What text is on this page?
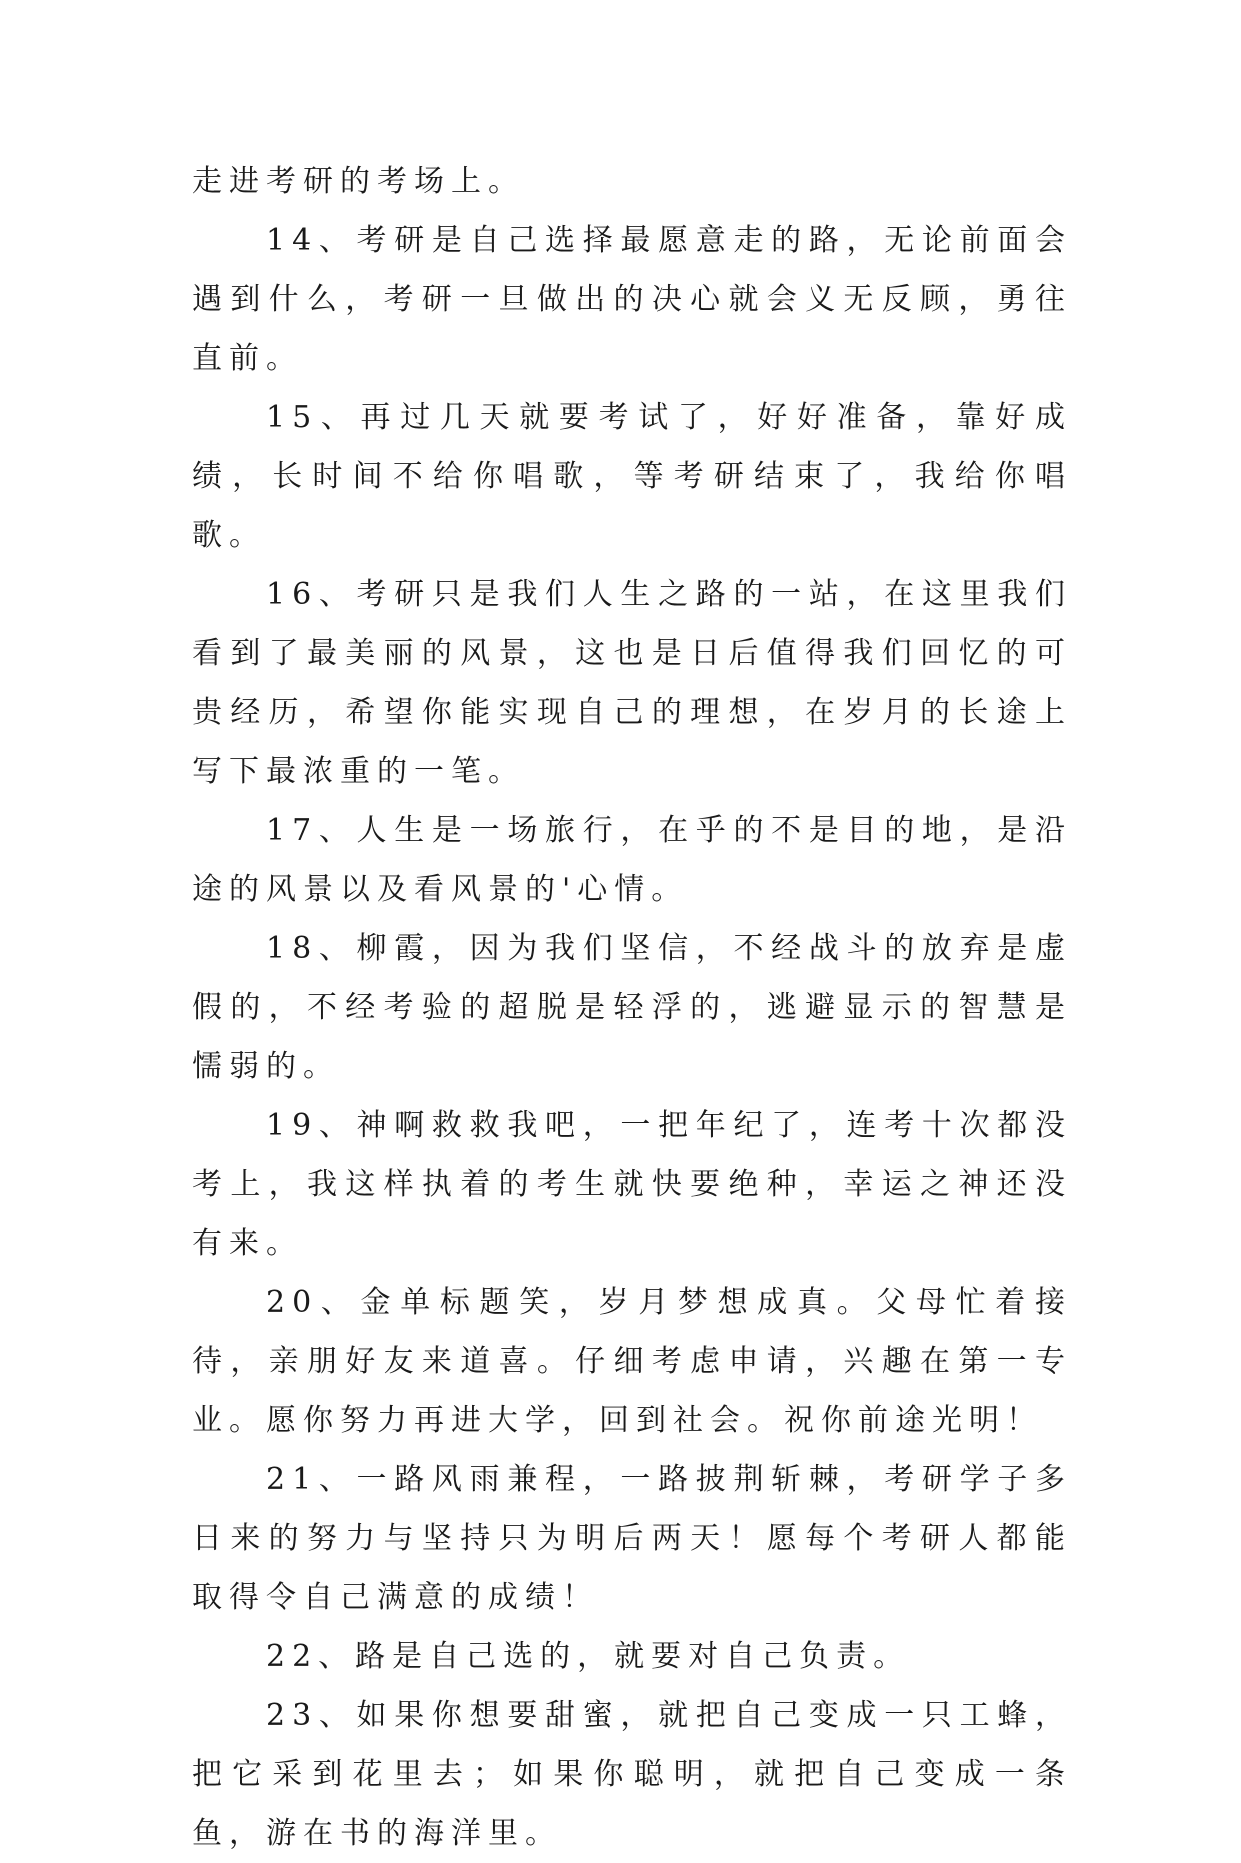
走进考研的考场上。

14、考研是自己选择最愿意走的路，无论前面会遇到什么，考研一旦做出的决心就会义无反顾，勇往直前。

15、再过几天就要考试了，好好准备，靠好成绩，长时间不给你唱歌，等考研结束了，我给你唱歌。

16、考研只是我们人生之路的一站，在这里我们看到了最美丽的风景，这也是日后值得我们回忆的可贵经历，希望你能实现自己的理想，在岁月的长途上写下最浓重的一笔。

17、人生是一场旅行，在乎的不是目的地，是沿途的风景以及看风景的'心情。

18、柳霞，因为我们坚信，不经战斗的放弃是虚假的，不经考验的超脱是轻浮的，逃避显示的智慧是懦弱的。

19、神啊救救我吧，一把年纪了，连考十次都没考上，我这样执着的考生就快要绝种，幸运之神还没有来。

20、金单标题笑，岁月梦想成真。父母忙着接待，亲朋好友来道喜。仔细考虑申请，兴趣在第一专业。愿你努力再进大学，回到社会。祝你前途光明！

21、一路风雨兼程，一路披荆斩棘，考研学子多日来的努力与坚持只为明后两天！愿每个考研人都能取得令自己满意的成绩！

22、路是自己选的，就要对自己负责。

23、如果你想要甜蜜，就把自己变成一只工蜂，把它采到花里去；如果你聪明，就把自己变成一条鱼，游在书的海洋里。
